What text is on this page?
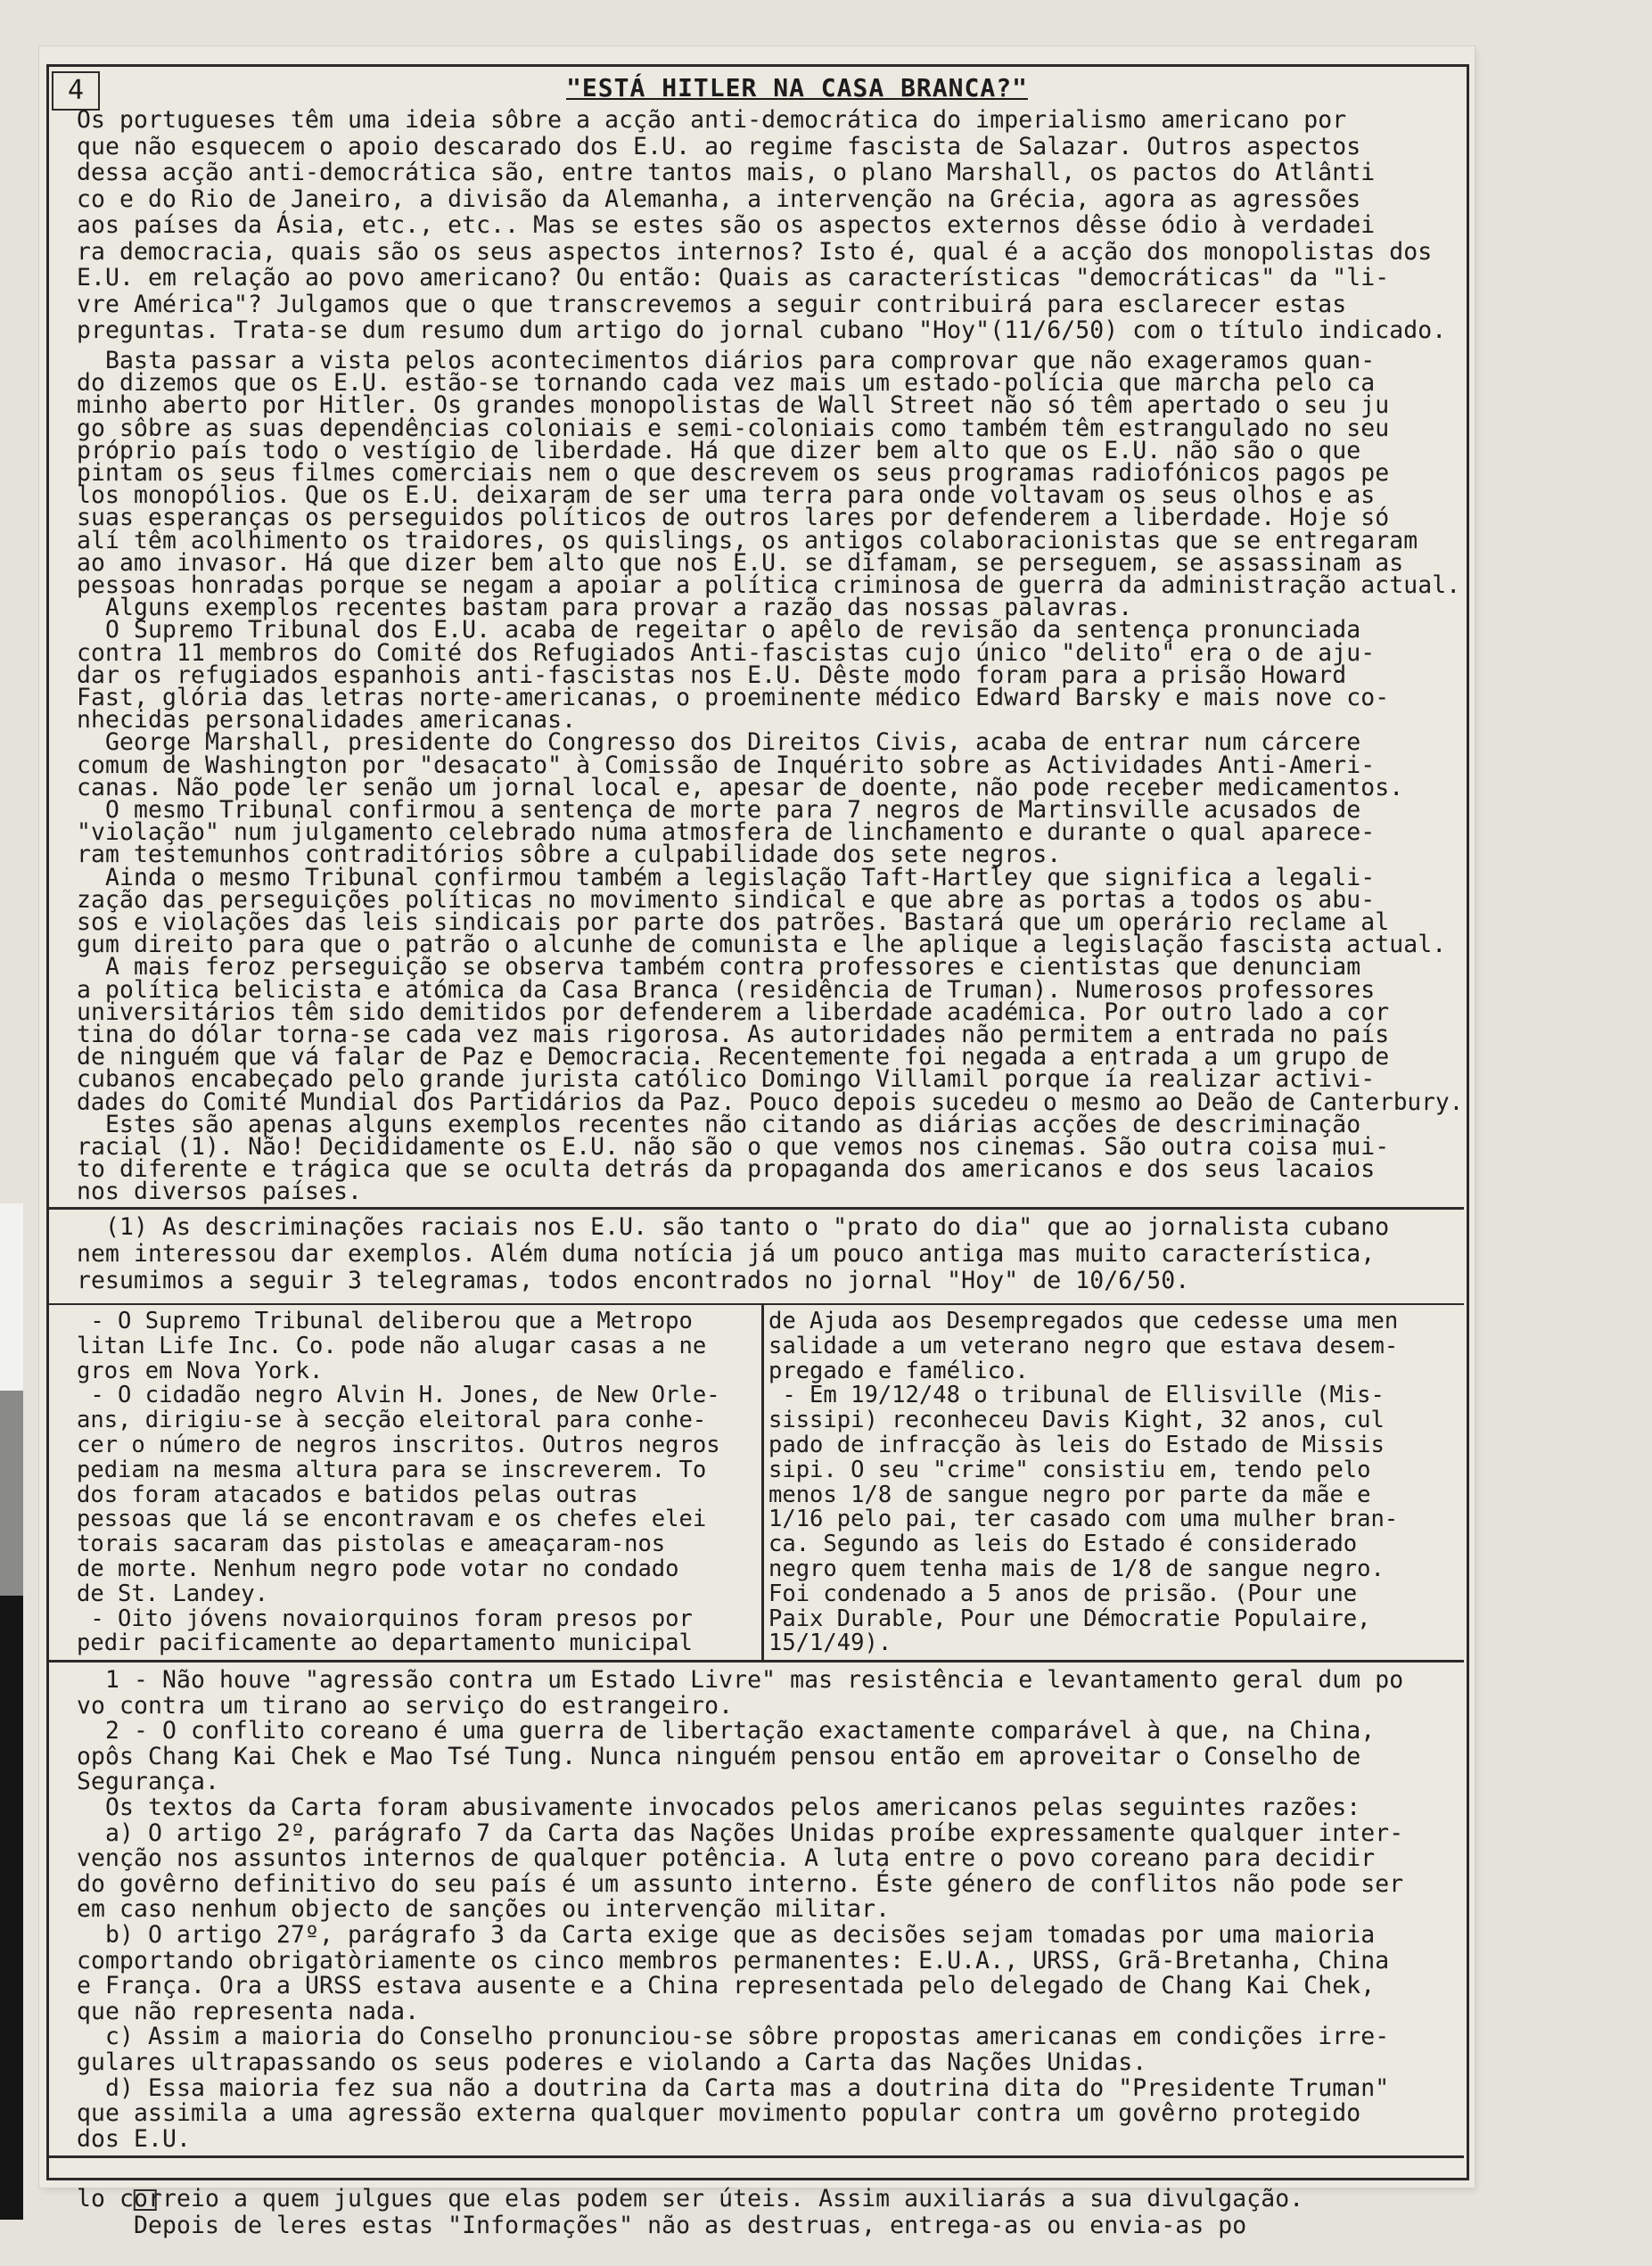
4	"ESTÁ HITLER NA CASA BRANCA?"
Os portugueses têm uma ideia sôbre a acção anti-democrática do imperialismo americano por
que não esquecem o apoio descarado dos E.U. ao regime fascista de Salazar. Outros aspectos
dessa acção anti-democrática são, entre tantos mais, o plano Marshall, os pactos do Atlânti
co e do Rio de Janeiro, a divisão da Alemanha, a intervenção na Grécia, agora as agressões
aos países da Ásia, etc., etc.. Mas se estes são os aspectos externos dêsse ódio à verdadei
ra democracia, quais são os seus aspectos internos? Isto é, qual é a acção dos monopolistas dos
E.U. em relação ao povo americano? Ou então: Quais as características "democráticas" da "li-
vre América"? Julgamos que o que transcrevemos a seguir contribuirá para esclarecer estas
preguntas. Trata-se dum resumo dum artigo do jornal cubano "Hoy"(11/6/50) com o título indicado.
Basta passar a vista pelos acontecimentos diários para comprovar que não exageramos quan-
do dizemos que os E.U. estão-se tornando cada vez mais um estado-polícia que marcha pelo ca
minho aberto por Hitler. Os grandes monopolistas de Wall Street não só têm apertado o seu ju
go sôbre as suas dependências coloniais e semi-coloniais como também têm estrangulado no seu
próprio país todo o vestígio de liberdade. Há que dizer bem alto que os E.U. não são o que
pintam os seus filmes comerciais nem o que descrevem os seus programas radiofónicos pagos pe
los monopólios. Que os E.U. deixaram de ser uma terra para onde voltavam os seus olhos e as
suas esperanças os perseguidos políticos de outros lares por defenderem a liberdade. Hoje só
alí têm acolhimento os traidores, os quislings, os antigos colaboracionistas que se entregaram
ao amo invasor. Há que dizer bem alto que nos E.U. se difamam, se perseguem, se assassinam as
pessoas honradas porque se negam a apoiar a política criminosa de guerra da administração actual.
Alguns exemplos recentes bastam para provar a razão das nossas palavras.
O Supremo Tribunal dos E.U. acaba de regeitar o apêlo de revisão da sentença pronunciada
contra 11 membros do Comité dos Refugiados Anti-fascistas cujo único "delito" era o de aju-
dar os refugiados espanhois anti-fascistas nos E.U. Dêste modo foram para a prisão Howard
Fast, glória das letras norte-americanas, o proeminente médico Edward Barsky e mais nove co-
nhecidas personalidades americanas.
George Marshall, presidente do Congresso dos Direitos Civis, acaba de entrar num cárcere
comum de Washington por "desacato" à Comissão de Inquérito sobre as Actividades Anti-Ameri-
canas. Não pode ler senão um jornal local e, apesar de doente, não pode receber medicamentos.
O mesmo Tribunal confirmou a sentença de morte para 7 negros de Martinsville acusados de
"violação" num julgamento celebrado numa atmosfera de linchamento e durante o qual aparece-
ram testemunhos contraditórios sôbre a culpabilidade dos sete negros.
Ainda o mesmo Tribunal confirmou também a legislação Taft-Hartley que significa a legali-
zação das perseguições políticas no movimento sindical e que abre as portas a todos os abu-
sos e violações das leis sindicais por parte dos patrões. Bastará que um operário reclame al
gum direito para que o patrão o alcunhe de comunista e lhe aplique a legislação fascista actual.
A mais feroz perseguição se observa também contra professores e cientistas que denunciam
a política belicista e atómica da Casa Branca (residência de Truman). Numerosos professores
universitários têm sido demitidos por defenderem a liberdade académica. Por outro lado a cor
tina do dólar torna-se cada vez mais rigorosa. As autoridades não permitem a entrada no país
de ninguém que vá falar de Paz e Democracia. Recentemente foi negada a entrada a um grupo de
cubanos encabeçado pelo grande jurista católico Domingo Villamil porque ía realizar activi-
dades do Comité Mundial dos Partidários da Paz. Pouco depois sucedeu o mesmo ao Deão de Canterbury.
Estes são apenas alguns exemplos recentes não citando as diárias acções de descriminação
racial (1). Não! Decididamente os E.U. não são o que vemos nos cinemas. São outra coisa mui-
to diferente e trágica que se oculta detrás da propaganda dos americanos e dos seus lacaios
nos diversos países.
(1) As descriminações raciais nos E.U. são tanto o "prato do dia" que ao jornalista cubano
nem interessou dar exemplos. Além duma notícia já um pouco antiga mas muito característica,
resumimos a seguir 3 telegramas, todos encontrados no jornal "Hoy" de 10/6/50.
- O Supremo Tribunal deliberou que a Metropo
litan Life Inc. Co. pode não alugar casas a ne
gros em Nova York.
- O cidadão negro Alvin H. Jones, de New Orle-
ans, dirigiu-se à secção eleitoral para conhe-
cer o número de negros inscritos. Outros negros
pediam na mesma altura para se inscreverem. To
dos foram atacados e batidos pelas outras
pessoas que lá se encontravam e os chefes elei
torais sacaram das pistolas e ameaçaram-nos
de morte. Nenhum negro pode votar no condado
de St. Landey.
- Oito jóvens novaiorquinos foram presos por
pedir pacificamente ao departamento municipal
de Ajuda aos Desempregados que cedesse uma men
salidade a um veterano negro que estava desem-
pregado e famélico.
- Em 19/12/48 o tribunal de Ellisville (Mis-
sissipi) reconheceu Davis Kight, 32 anos, cul
pado de infracção às leis do Estado de Missis
sipi. O seu "crime" consistiu em, tendo pelo
menos 1/8 de sangue negro por parte da mãe e
1/16 pelo pai, ter casado com uma mulher bran-
ca. Segundo as leis do Estado é considerado
negro quem tenha mais de 1/8 de sangue negro.
Foi condenado a 5 anos de prisão. (Pour une
Paix Durable, Pour une Démocratie Populaire,
15/1/49).
1 - Não houve "agressão contra um Estado Livre" mas resistência e levantamento geral dum po
vo contra um tirano ao serviço do estrangeiro.
2 - O conflito coreano é uma guerra de libertação exactamente comparável à que, na China,
opôs Chang Kai Chek e Mao Tsé Tung. Nunca ninguém pensou então em aproveitar o Conselho de
Segurança.
Os textos da Carta foram abusivamente invocados pelos americanos pelas seguintes razões:
a) O artigo 2º, parágrafo 7 da Carta das Nações Unidas proíbe expressamente qualquer inter-
venção nos assuntos internos de qualquer potência. A luta entre o povo coreano para decidir
do govêrno definitivo do seu país é um assunto interno. Éste género de conflitos não pode ser
em caso nenhum objecto de sanções ou intervenção militar.
b) O artigo 27º, parágrafo 3 da Carta exige que as decisões sejam tomadas por uma maioria
comportando obrigatòriamente os cinco membros permanentes: E.U.A., URSS, Grã-Bretanha, China
e França. Ora a URSS estava ausente e a China representada pelo delegado de Chang Kai Chek,
que não representa nada.
c) Assim a maioria do Conselho pronunciou-se sôbre propostas americanas em condições irre-
gulares ultrapassando os seus poderes e violando a Carta das Nações Unidas.
d) Essa maioria fez sua não a doutrina da Carta mas a doutrina dita do "Presidente Truman"
que assimila a uma agressão externa qualquer movimento popular contra um govêrno protegido
dos E.U.

Depois de leres estas "Informações" não as destruas, entrega-as ou envia-as po

lo correio a quem julgues que elas podem ser úteis. Assim auxiliarás a sua divulgação.
